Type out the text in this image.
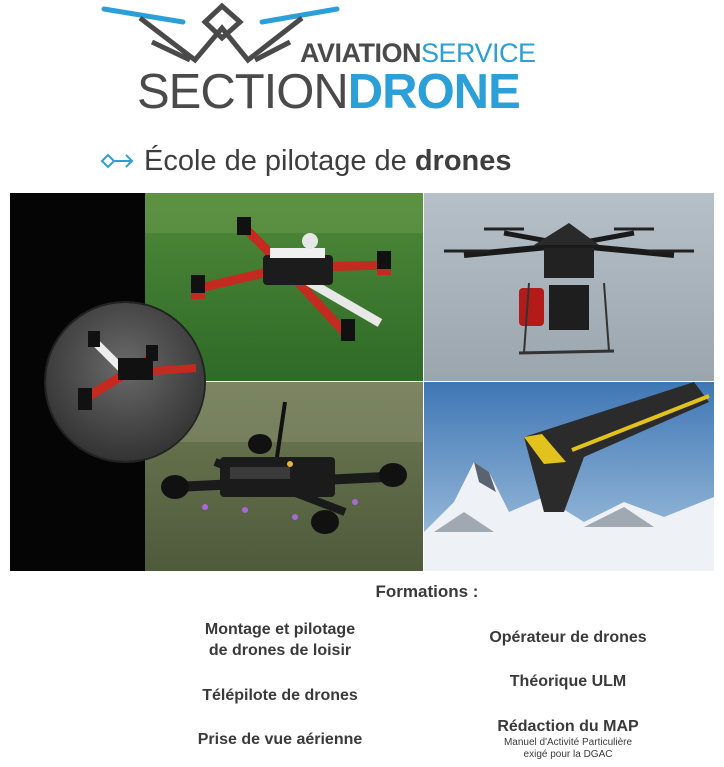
AVIATIONSERVICE
SECTIONDRONE
École de pilotage de drones
Formations :
Montage et pilotage
de drones de loisir
Télépilote de drones
Prise de vue aérienne
Opérateur de drones
Théorique ULM
Rédaction du MAP
Manuel d'Activité Particulière
exigé pour la DGAC
